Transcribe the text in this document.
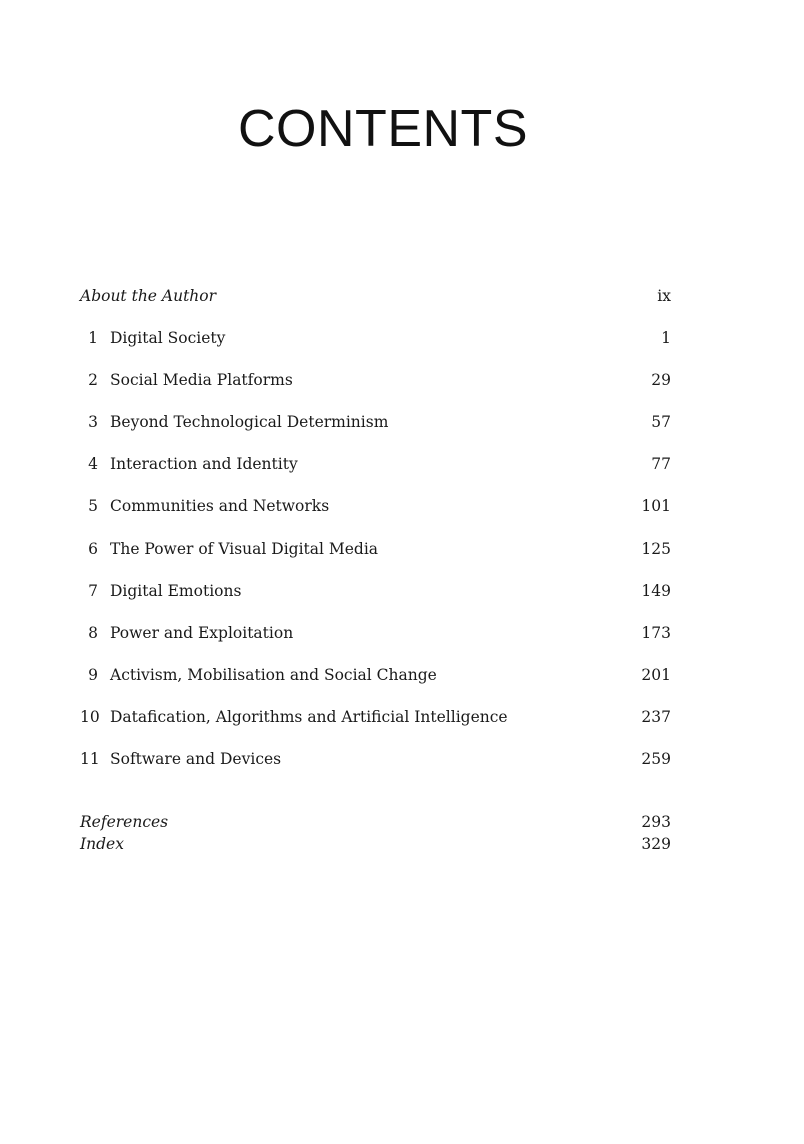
CONTENTS
About the Author	ix
1 Digital Society	1
2 Social Media Platforms	29
3 Beyond Technological Determinism	57
4 Interaction and Identity	77
5 Communities and Networks	101
6 The Power of Visual Digital Media	125
7 Digital Emotions	149
8 Power and Exploitation	173
9 Activism, Mobilisation and Social Change	201
10 Datafication, Algorithms and Artificial Intelligence	237
11 Software and Devices	259
References	293
Index	329
